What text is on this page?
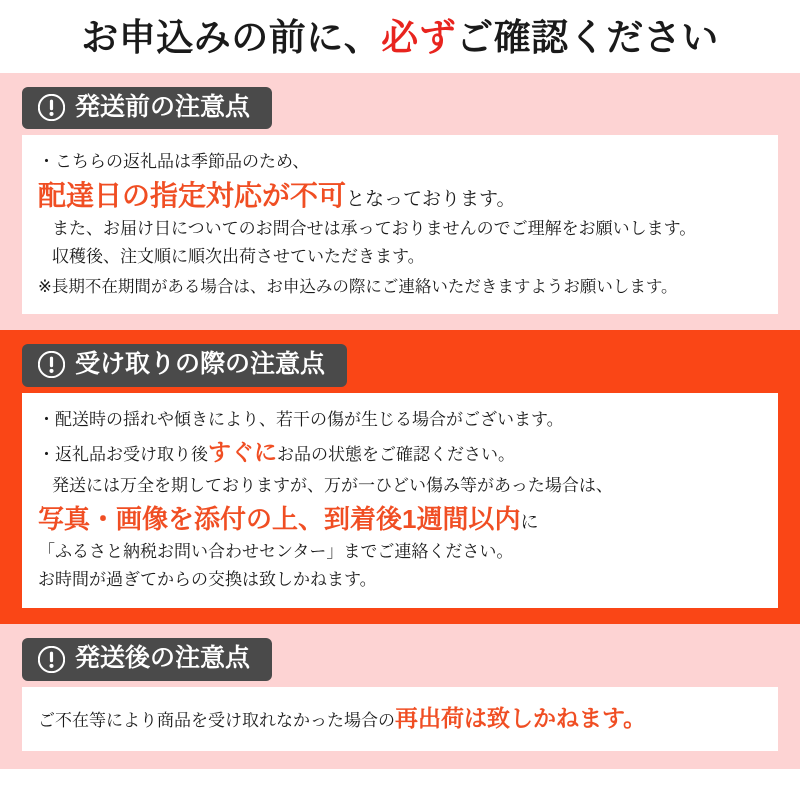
お申込みの前に、必ずご確認ください
発送前の注意点
・こちらの返礼品は季節品のため、
配達日の指定対応が不可となっております。
また、お届け日についてのお問合せは承っておりませんのでご理解をお願いします。
収穫後、注文順に順次出荷させていただきます。
※長期不在期間がある場合は、お申込みの際にご連絡いただきますようお願いします。
受け取りの際の注意点
・配送時の揺れや傾きにより、若干の傷が生じる場合がございます。
・返礼品お受け取り後すぐにお品の状態をご確認ください。
発送には万全を期しておりますが、万が一ひどい傷み等があった場合は、
写真・画像を添付の上、到着後1週間以内に
「ふるさと納税お問い合わせセンター」までご連絡ください。
お時間が過ぎてからの交換は致しかねます。
発送後の注意点
ご不在等により商品を受け取れなかった場合の再出荷は致しかねます。
